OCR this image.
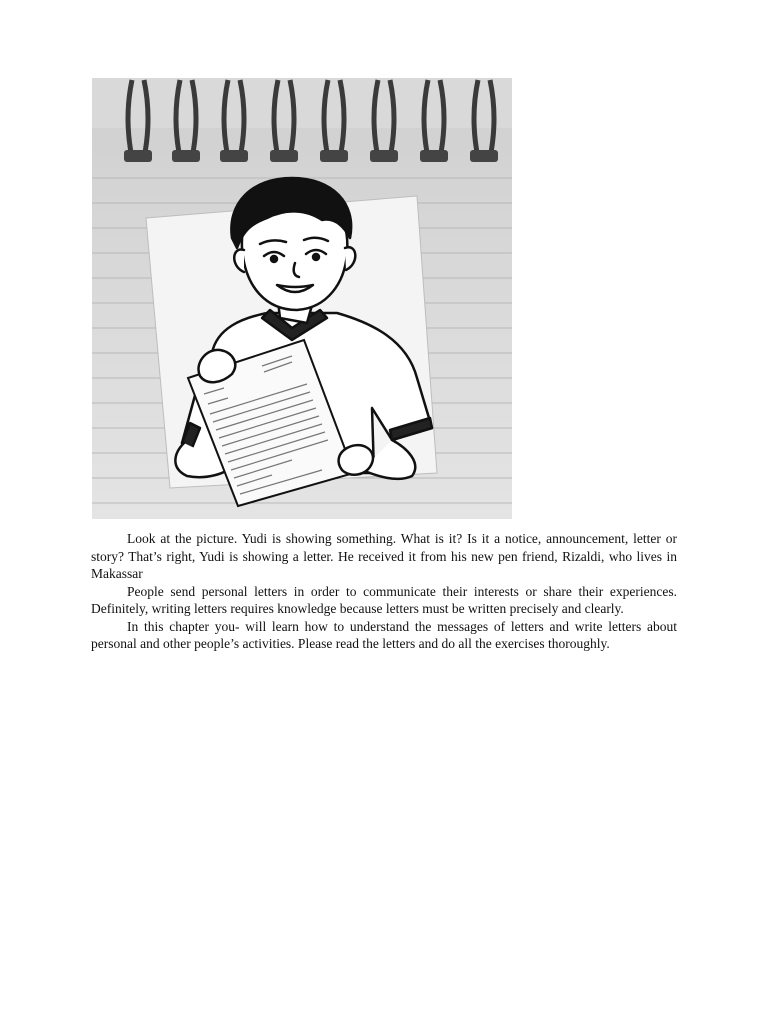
Look at the picture. Yudi is showing something. What is it? Is it a notice, announcement, letter or story? That’s right, Yudi is showing a letter. He received it from his new pen friend, Rizaldi, who lives in Makassar

People send personal letters in order to communicate their interests or share their experiences. Definitely, writing letters requires knowledge because letters must be written precisely and clearly.

In this chapter you- will learn how to understand the messages of letters and write letters about personal and other people’s activities. Please read the letters and do all the exercises thoroughly.
